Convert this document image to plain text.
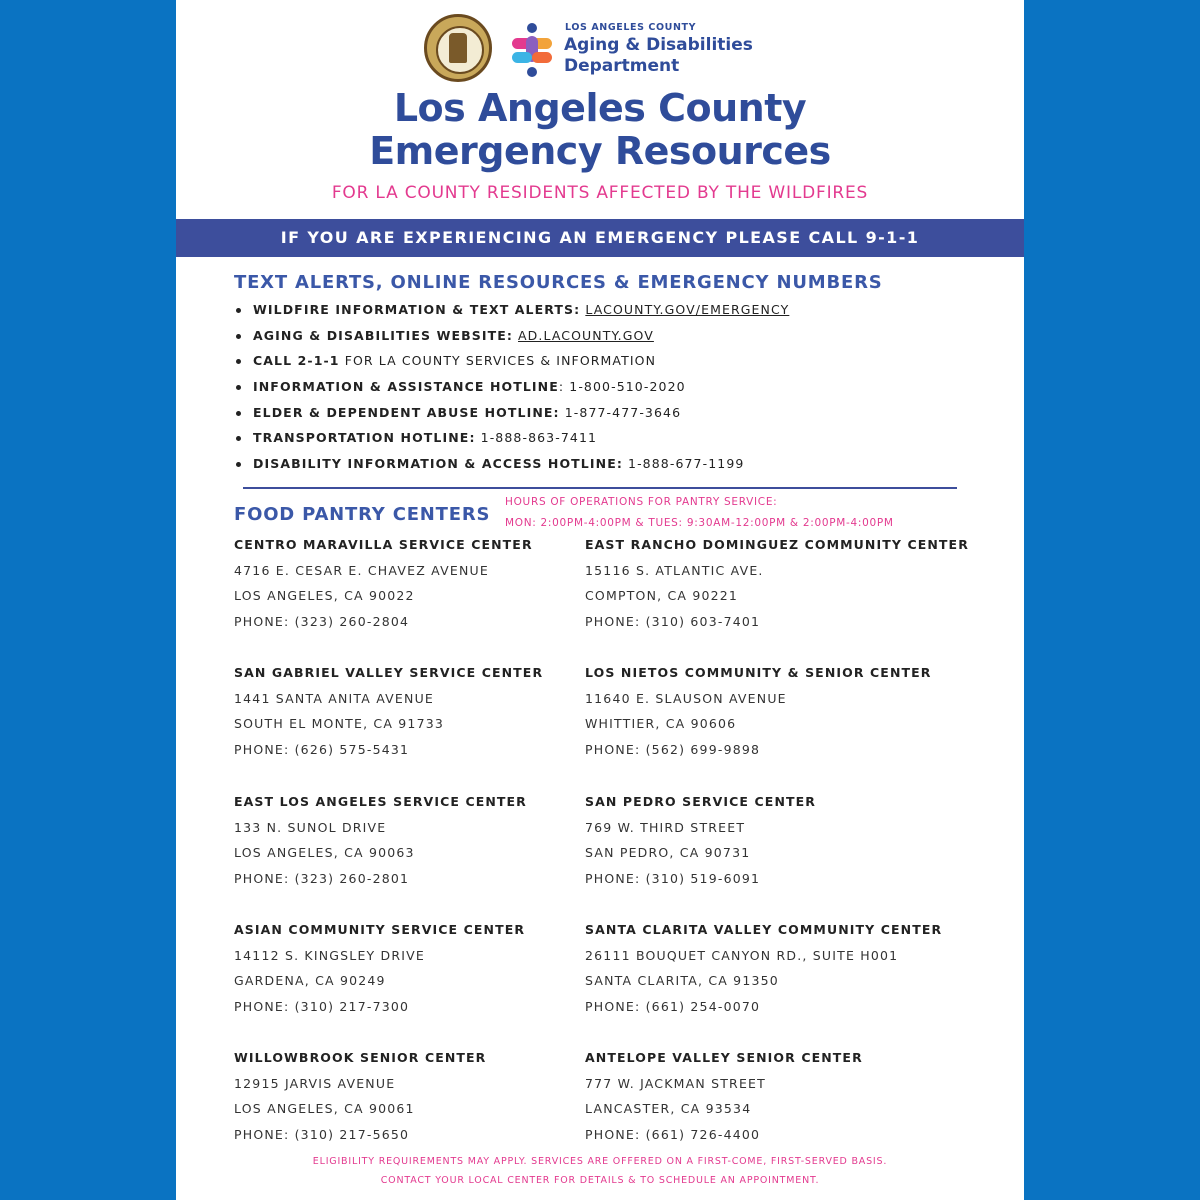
LOS ANGELES COUNTY
Aging & Disabilities
Department
Los Angeles County
Emergency Resources
FOR LA COUNTY RESIDENTS AFFECTED BY THE WILDFIRES
IF YOU ARE EXPERIENCING AN EMERGENCY PLEASE CALL 9-1-1
TEXT ALERTS, ONLINE RESOURCES & EMERGENCY NUMBERS
WILDFIRE INFORMATION & TEXT ALERTS: LACOUNTY.GOV/EMERGENCY
AGING & DISABILITIES WEBSITE: AD.LACOUNTY.GOV
CALL 2-1-1 FOR LA COUNTY SERVICES & INFORMATION
INFORMATION & ASSISTANCE HOTLINE: 1-800-510-2020
ELDER & DEPENDENT ABUSE HOTLINE: 1-877-477-3646
TRANSPORTATION HOTLINE: 1-888-863-7411
DISABILITY INFORMATION & ACCESS HOTLINE: 1-888-677-1199
FOOD PANTRY CENTERS
HOURS OF OPERATIONS FOR PANTRY SERVICE:
MON: 2:00PM-4:00PM & TUES: 9:30AM-12:00PM & 2:00PM-4:00PM
CENTRO MARAVILLA SERVICE CENTER
4716 E. CESAR E. CHAVEZ AVENUE
LOS ANGELES, CA 90022
PHONE: (323) 260-2804
EAST RANCHO DOMINGUEZ COMMUNITY CENTER
15116 S. ATLANTIC AVE.
COMPTON, CA 90221
PHONE: (310) 603-7401
SAN GABRIEL VALLEY SERVICE CENTER
1441 SANTA ANITA AVENUE
SOUTH EL MONTE, CA 91733
PHONE: (626) 575-5431
LOS NIETOS COMMUNITY & SENIOR CENTER
11640 E. SLAUSON AVENUE
WHITTIER, CA 90606
PHONE: (562) 699-9898
EAST LOS ANGELES SERVICE CENTER
133 N. SUNOL DRIVE
LOS ANGELES, CA 90063
PHONE: (323) 260-2801
SAN PEDRO SERVICE CENTER
769 W. THIRD STREET
SAN PEDRO, CA 90731
PHONE: (310) 519-6091
ASIAN COMMUNITY SERVICE CENTER
14112 S. KINGSLEY DRIVE
GARDENA, CA 90249
PHONE: (310) 217-7300
SANTA CLARITA VALLEY COMMUNITY CENTER
26111 BOUQUET CANYON RD., SUITE H001
SANTA CLARITA, CA 91350
PHONE: (661) 254-0070
WILLOWBROOK SENIOR CENTER
12915 JARVIS AVENUE
LOS ANGELES, CA 90061
PHONE: (310) 217-5650
ANTELOPE VALLEY SENIOR CENTER
777 W. JACKMAN STREET
LANCASTER, CA 93534
PHONE: (661) 726-4400
ELIGIBILITY REQUIREMENTS MAY APPLY. SERVICES ARE OFFERED ON A FIRST-COME, FIRST-SERVED BASIS.
CONTACT YOUR LOCAL CENTER FOR DETAILS & TO SCHEDULE AN APPOINTMENT.
